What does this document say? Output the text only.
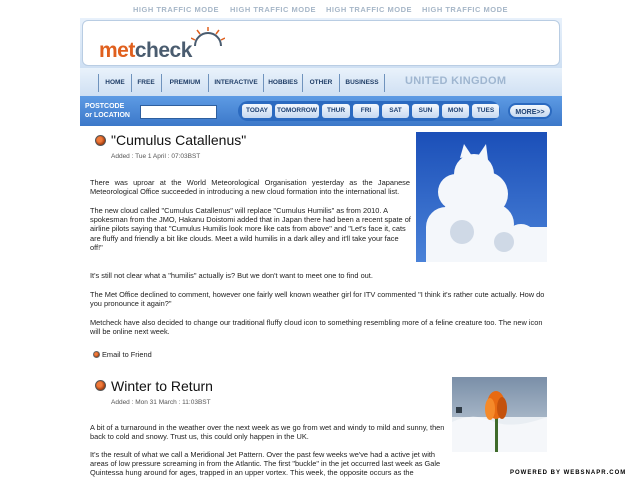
HIGH TRAFFIC MODE HIGH TRAFFIC MODE HIGH TRAFFIC MODE HIGH TRAFFIC MODE
metcheck
HOME	FREE	PREMIUM	INTERACTIVE	HOBBIES	OTHER	BUSINESS	UNITED KINGDOM
POSTCODE
or LOCATION
TODAY	TOMORROW	THUR	FRI	SAT	SUN	MON	TUES	MORE>>
"Cumulus Catallenus"
Added : Tue 1 April : 07:03BST

There was uproar at the World Meteorological Organisation yesterday as the Japanese Meteorological Office succeeded in introducing a new cloud formation into the international list.

The new cloud called "Cumulus Catallenus" will replace "Cumulus Humilis" as from 2010. A spokesman from the JMO, Hakanu Doistomi added that in Japan there had been a recent spate of airline pilots saying that "Cumulus Humilis look more like cats from above" and "Let's face it, cats are fluffy and friendly a bit like clouds. Meet a wild humilis in a dark alley and it'll take your face off!"

It's still not clear what a "humilis" actually is? But we don't want to meet one to find out.

The Met Office declined to comment, however one fairly well known weather girl for ITV commented "I think it's rather cute actually. How do you pronounce it again?"

Metcheck have also decided to change our traditional fluffy cloud icon to something resembling more of a feline creature too. The new icon will be online next week.

Email to Friend
Winter to Return
Added : Mon 31 March : 11:03BST

A bit of a turnaround in the weather over the next week as we go from wet and windy to mild and sunny, then back to cold and snowy. Trust us, this could only happen in the UK.

It's the result of what we call a Meridional Jet Pattern. Over the past few weeks we've had a active jet with areas of low pressure screaming in from the Atlantic. The first "buckle" in the jet occurred last week as Gale Quintessa hung around for ages, trapped in an upper vortex. This week, the opposite occurs as the	POWERED BY WEBSNAPR.COM
